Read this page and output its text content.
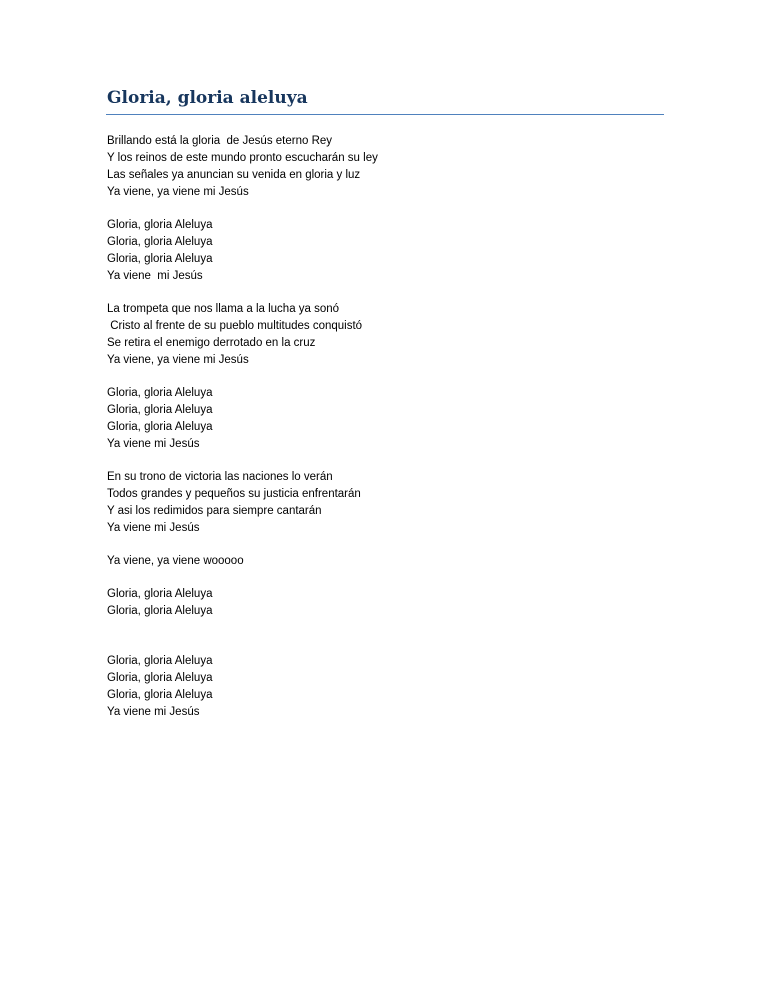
Gloria, gloria aleluya
Brillando está la gloria  de Jesús eterno Rey
Y los reinos de este mundo pronto escucharán su ley
Las señales ya anuncian su venida en gloria y luz
Ya viene, ya viene mi Jesús
Gloria, gloria Aleluya
Gloria, gloria Aleluya
Gloria, gloria Aleluya
Ya viene  mi Jesús
La trompeta que nos llama a la lucha ya sonó
Cristo al frente de su pueblo multitudes conquistó
Se retira el enemigo derrotado en la cruz
Ya viene, ya viene mi Jesús
Gloria, gloria Aleluya
Gloria, gloria Aleluya
Gloria, gloria Aleluya
Ya viene mi Jesús
En su trono de victoria las naciones lo verán
Todos grandes y pequeños su justicia enfrentarán
Y asi los redimidos para siempre cantarán
Ya viene mi Jesús
Ya viene, ya viene wooooo
Gloria, gloria Aleluya
Gloria, gloria Aleluya
Gloria, gloria Aleluya
Gloria, gloria Aleluya
Gloria, gloria Aleluya
Ya viene mi Jesús
